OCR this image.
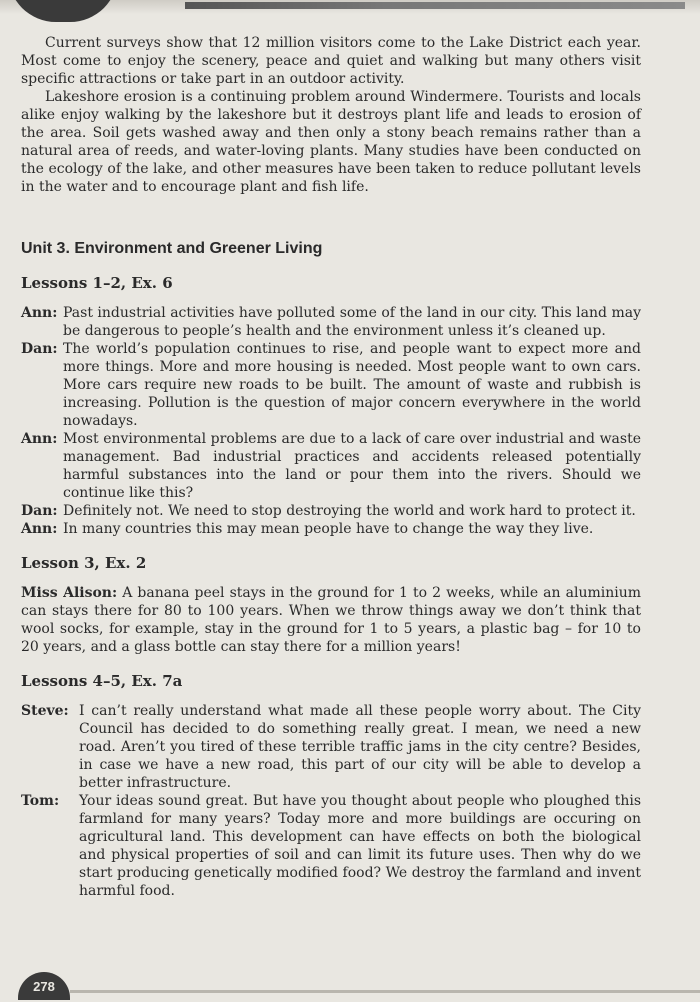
Current surveys show that 12 million visitors come to the Lake District each year. Most come to enjoy the scenery, peace and quiet and walking but many others visit specific attractions or take part in an outdoor activity.

Lakeshore erosion is a continuing problem around Windermere. Tourists and locals alike enjoy walking by the lakeshore but it destroys plant life and leads to erosion of the area. Soil gets washed away and then only a stony beach remains rather than a natural area of reeds, and water-loving plants. Many studies have been conducted on the ecology of the lake, and other measures have been taken to reduce pollutant levels in the water and to encourage plant and fish life.

Unit 3. Environment and Greener Living
Lessons 1–2, Ex. 6
Ann: Past industrial activities have polluted some of the land in our city. This land may be dangerous to people’s health and the environment unless it’s cleaned up.
Dan: The world’s population continues to rise, and people want to expect more and more things. More and more housing is needed. Most people want to own cars. More cars require new roads to be built. The amount of waste and rubbish is increasing. Pollution is the question of major concern everywhere in the world nowadays.
Ann: Most environmental problems are due to a lack of care over industrial and waste management. Bad industrial practices and accidents released potentially harmful substances into the land or pour them into the rivers. Should we continue like this?
Dan: Definitely not. We need to stop destroying the world and work hard to protect it.
Ann: In many countries this may mean people have to change the way they live.
Lesson 3, Ex. 2

Miss Alison: A banana peel stays in the ground for 1 to 2 weeks, while an aluminium can stays there for 80 to 100 years. When we throw things away we don’t think that wool socks, for example, stay in the ground for 1 to 5 years, a plastic bag – for 10 to 20 years, and a glass bottle can stay there for a million years!

Lessons 4–5, Ex. 7a
Steve: I can’t really understand what made all these people worry about. The City Council has decided to do something really great. I mean, we need a new road. Aren’t you tired of these terrible traffic jams in the city centre? Besides, in case we have a new road, this part of our city will be able to develop a better infrastructure.
Tom: Your ideas sound great. But have you thought about people who ploughed this farmland for many years? Today more and more buildings are occuring on agricultural land. This development can have effects on both the biological and physical properties of soil and can limit its future uses. Then why do we start producing genetically modified food? We destroy the farmland and invent harmful food.
278
